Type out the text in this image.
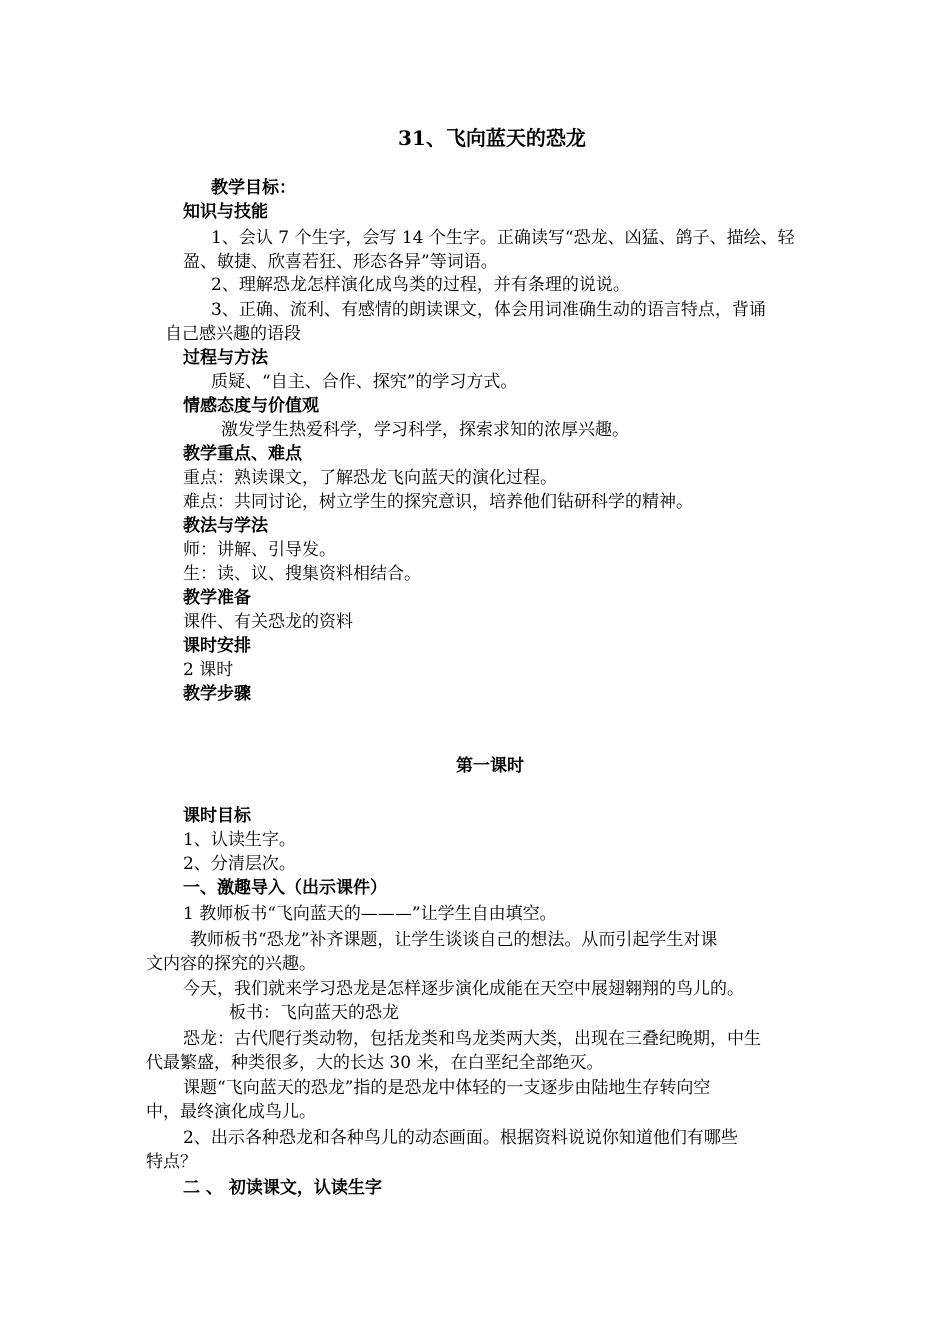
31、飞向蓝天的恐龙
教学目标：
知识与技能
1、会认 7 个生字，会写 14 个生字。正确读写“恐龙、凶猛、鸽子、描绘、轻
盈、敏捷、欣喜若狂、形态各异”等词语。
2、理解恐龙怎样演化成鸟类的过程，并有条理的说说。
3、正确、流利、有感情的朗读课文，体会用词准确生动的语言特点，背诵
自己感兴趣的语段
过程与方法
质疑、“自主、合作、探究”的学习方式。
情感态度与价值观
激发学生热爱科学，学习科学，探索求知的浓厚兴趣。
教学重点、难点
重点：熟读课文，了解恐龙飞向蓝天的演化过程。
难点：共同讨论，树立学生的探究意识，培养他们钻研科学的精神。
教法与学法
师：讲解、引导发。
生：读、议、搜集资料相结合。
教学准备
课件、有关恐龙的资料
课时安排
2 课时
教学步骤
第一课时
课时目标
1、认读生字。
2、分清层次。
一、激趣导入（出示课件）
1 教师板书“飞向蓝天的———”让学生自由填空。
教师板书“恐龙”补齐课题，让学生谈谈自己的想法。从而引起学生对课
文内容的探究的兴趣。
今天，我们就来学习恐龙是怎样逐步演化成能在天空中展翅翱翔的鸟儿的。
板书：飞向蓝天的恐龙
恐龙：古代爬行类动物，包括龙类和鸟龙类两大类，出现在三叠纪晚期，中生
代最繁盛，种类很多，大的长达 30 米，在白垩纪全部绝灭。
课题“飞向蓝天的恐龙”指的是恐龙中体轻的一支逐步由陆地生存转向空
中，最终演化成鸟儿。
2、出示各种恐龙和各种鸟儿的动态画面。根据资料说说你知道他们有哪些
特点？
二 、 初读课文，认读生字
